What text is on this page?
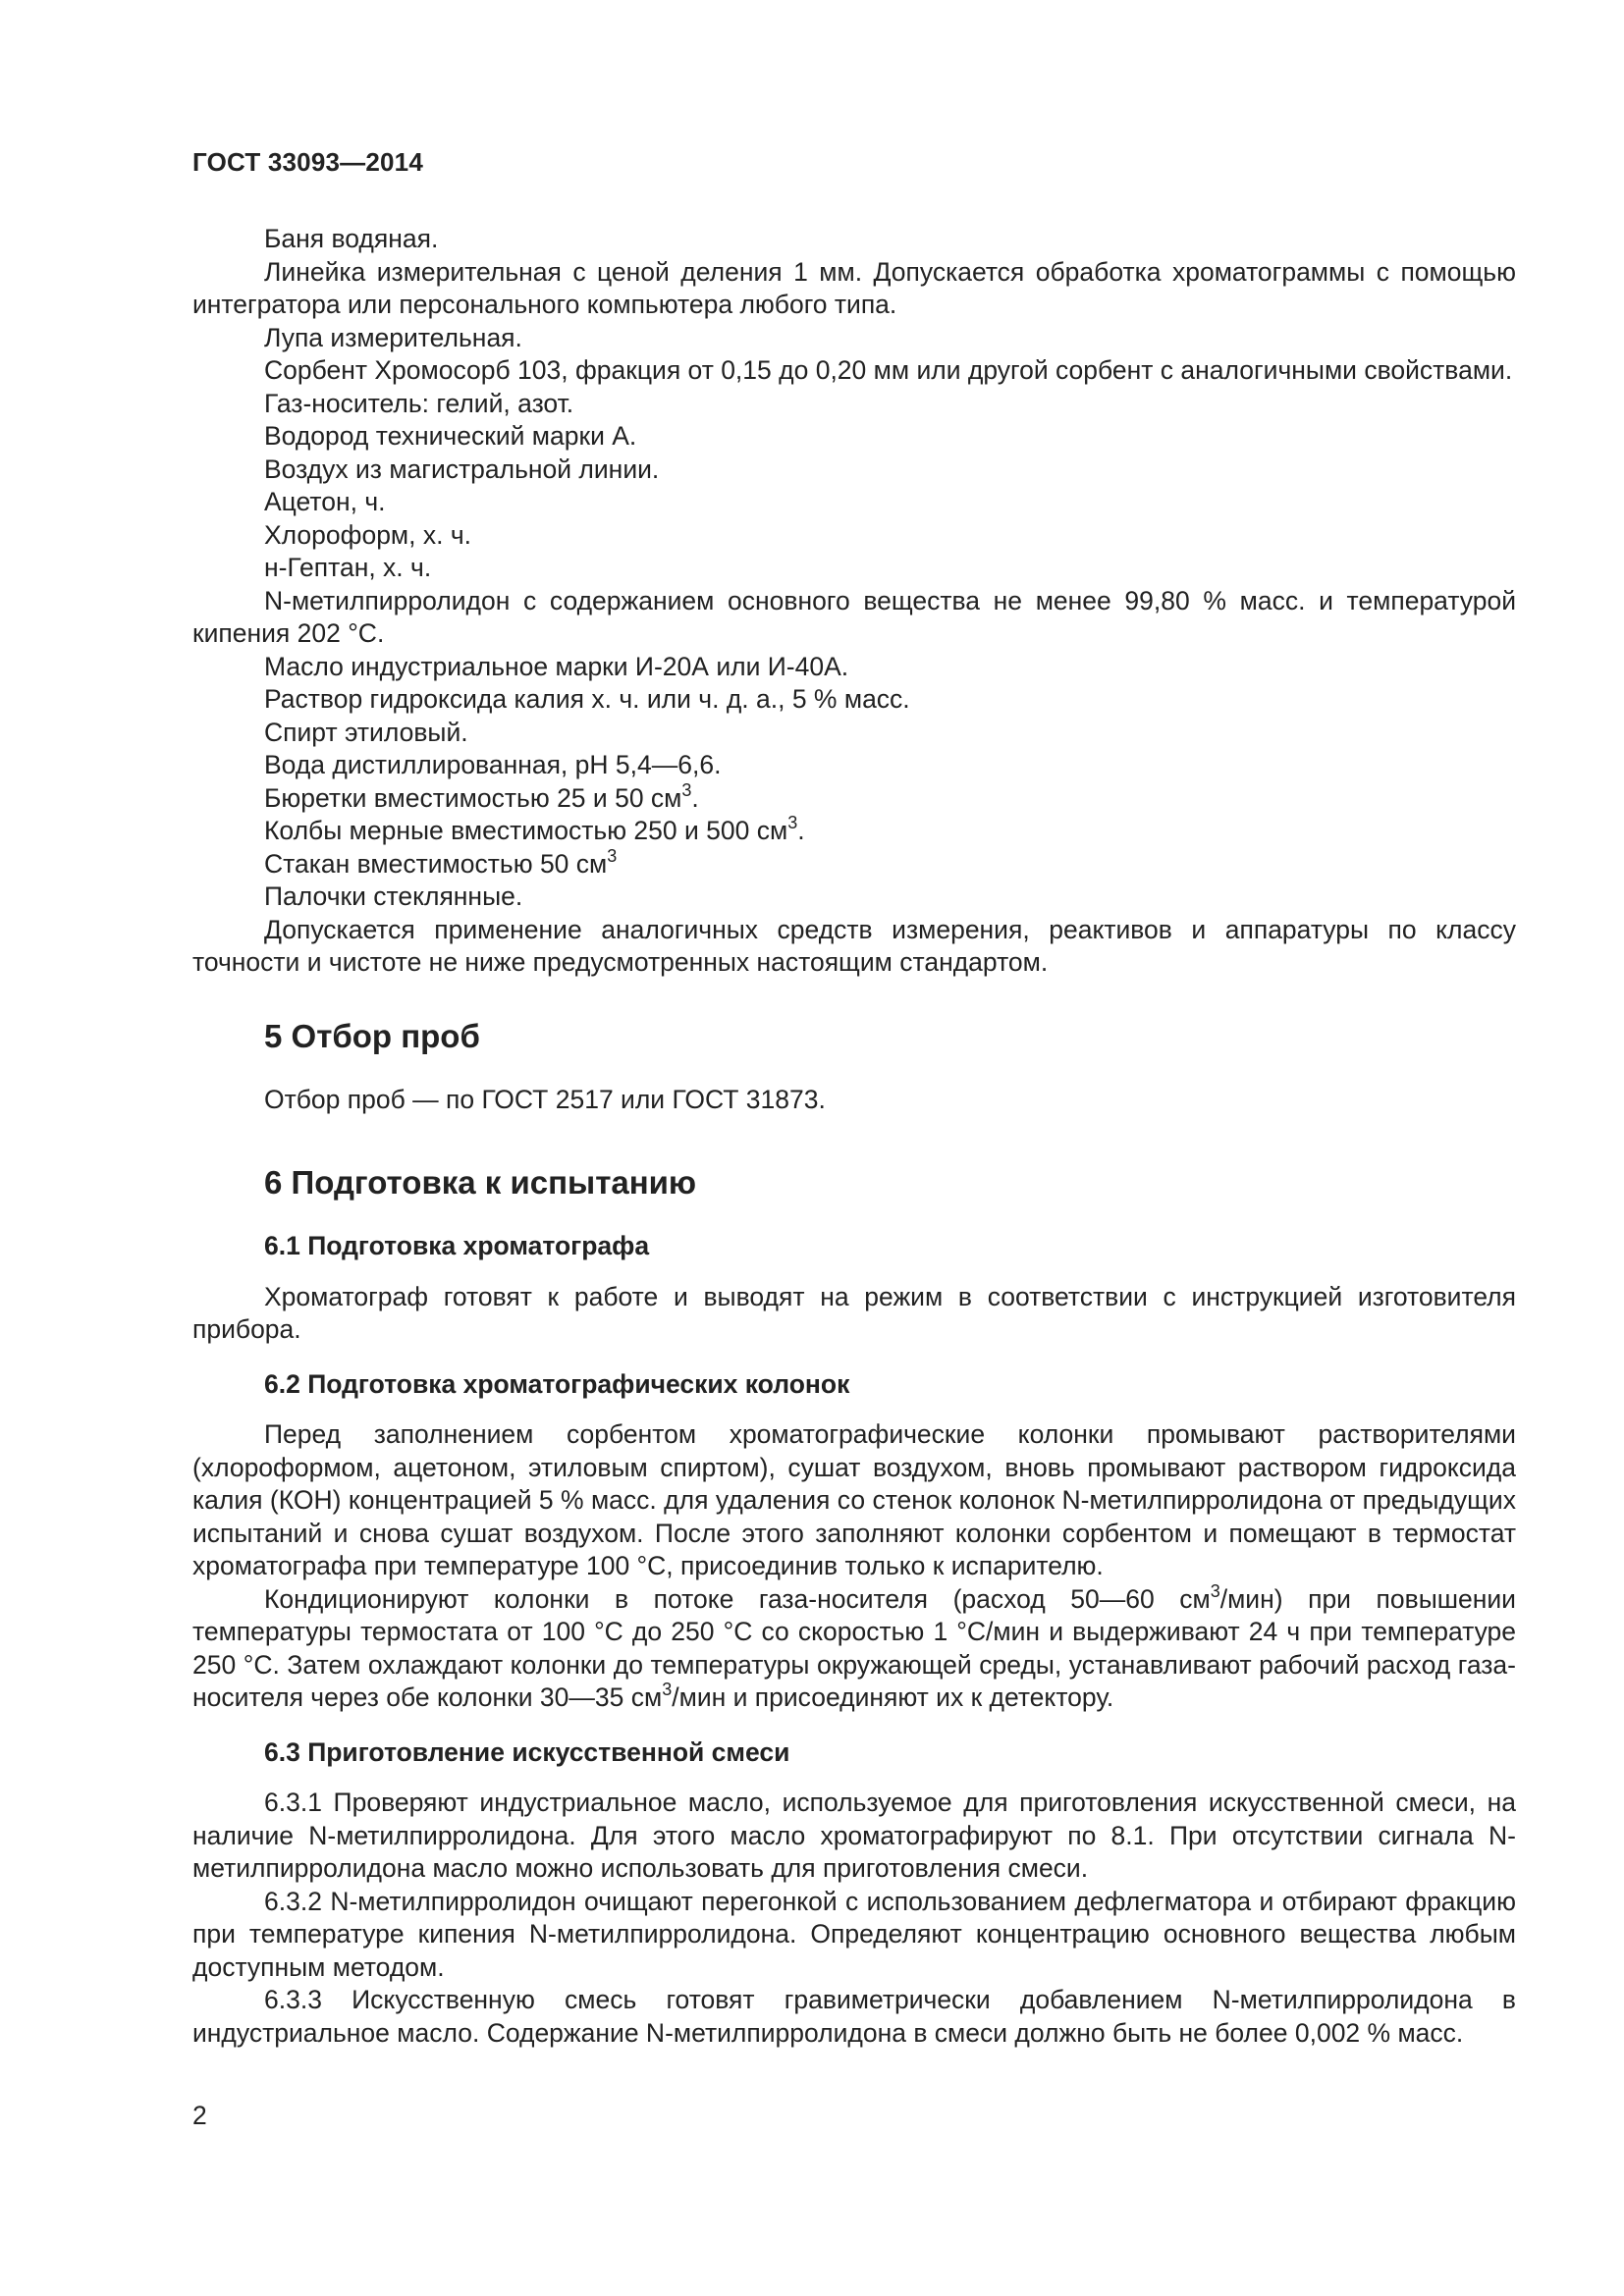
ГОСТ 33093—2014

Баня водяная.

Линейка измерительная с ценой деления 1 мм. Допускается обработка хроматограммы с помощью интегратора или персонального компьютера любого типа.

Лупа измерительная.

Сорбент Хромосорб 103, фракция от 0,15 до 0,20 мм или другой сорбент с аналогичными свойствами.

Газ-носитель: гелий, азот.

Водород технический марки А.

Воздух из магистральной линии.

Ацетон, ч.

Хлороформ, х. ч.

н-Гептан, х. ч.

N-метилпирролидон с содержанием основного вещества не менее 99,80 % масс. и температурой кипения 202 °С.

Масло индустриальное марки И-20А или И-40А.

Раствор гидроксида калия х. ч. или ч. д. а., 5 % масс.

Спирт этиловый.

Вода дистиллированная, рН 5,4—6,6.

Бюретки вместимостью 25 и 50 $см^3$.

Колбы мерные вместимостью 250 и 500 $см^3$.

Стакан вместимостью 50 $см^3$

Палочки стеклянные.

Допускается применение аналогичных средств измерения, реактивов и аппаратуры по классу точности и чистоте не ниже предусмотренных настоящим стандартом.

5 Отбор проб

Отбор проб — по ГОСТ 2517 или ГОСТ 31873.

6 Подготовка к испытанию
6.1 Подготовка хроматографа

Хроматограф готовят к работе и выводят на режим в соответствии с инструкцией изготовителя прибора.

6.2 Подготовка хроматографических колонок

Перед заполнением сорбентом хроматографические колонки промывают растворителями (хлороформом, ацетоном, этиловым спиртом), сушат воздухом, вновь промывают раствором гидроксида калия (КОН) концентрацией 5 % масс. для удаления со стенок колонок N-метилпирролидона от предыдущих испытаний и снова сушат воздухом. После этого заполняют колонки сорбентом и помещают в термостат хроматографа при температуре 100 °С, присоединив только к испарителю.

Кондиционируют колонки в потоке газа-носителя (расход 50—60 $см^3/мин$) при повышении температуры термостата от 100 °С до 250 °С со скоростью 1 °С/мин и выдерживают 24 ч при температуре 250 °С. Затем охлаждают колонки до температуры окружающей среды, устанавливают рабочий расход газа-носителя через обе колонки 30—35 $см^3$/мин и присоединяют их к детектору.

6.3 Приготовление искусственной смеси

6.3.1 Проверяют индустриальное масло, используемое для приготовления искусственной смеси, на наличие N-метилпирролидона. Для этого масло хроматографируют по 8.1. При отсутствии сигнала N-метилпирролидона масло можно использовать для приготовления смеси.

6.3.2 N-метилпирролидон очищают перегонкой с использованием дефлегматора и отбирают фракцию при температуре кипения N-метилпирролидона. Определяют концентрацию основного вещества любым доступным методом.

6.3.3 Искусственную смесь готовят гравиметрически добавлением N-метилпирролидона в индустриальное масло. Содержание N-метилпирролидона в смеси должно быть не более 0,002 % масс.

2
